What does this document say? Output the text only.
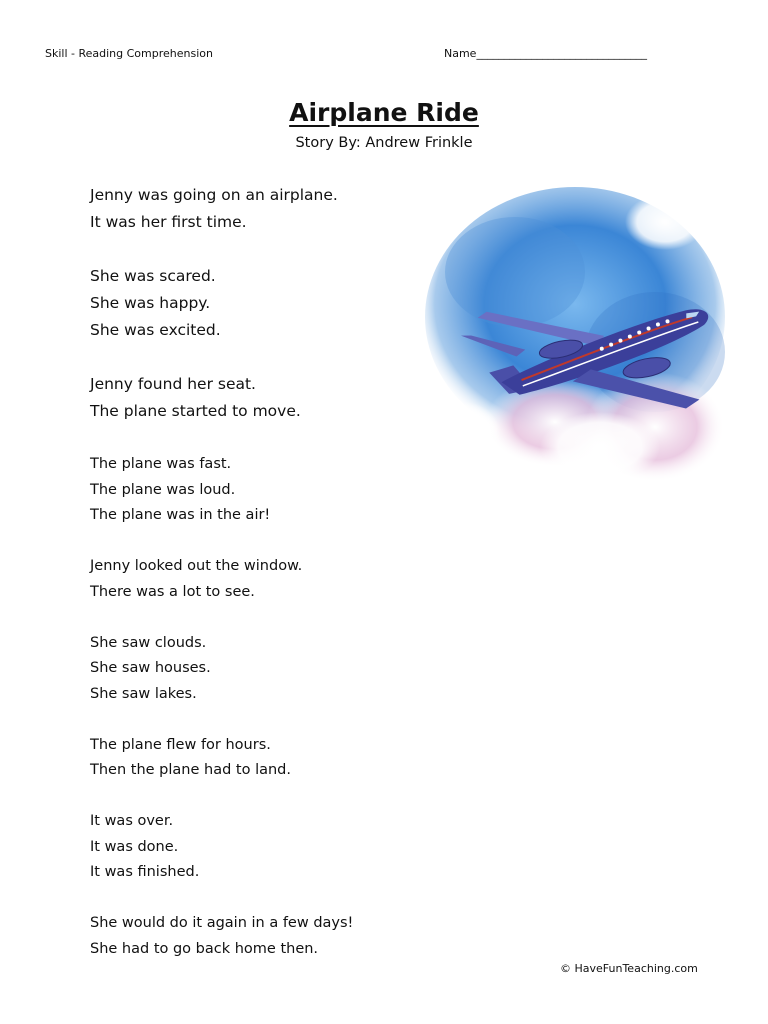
Skill - Reading Comprehension	Name_______________________________
Airplane Ride
Story By: Andrew Frinkle
Jenny was going on an airplane.
It was her first time.
She was scared.
She was happy.
She was excited.
Jenny found her seat.
The plane started to move.
The plane was fast.
The plane was loud.
The plane was in the air!
Jenny looked out the window.
There was a lot to see.
She saw clouds.
She saw houses.
She saw lakes.
The plane flew for hours.
Then the plane had to land.
It was over.
It was done.
It was finished.
She would do it again in a few days!
She had to go back home then.
© HaveFunTeaching.com
